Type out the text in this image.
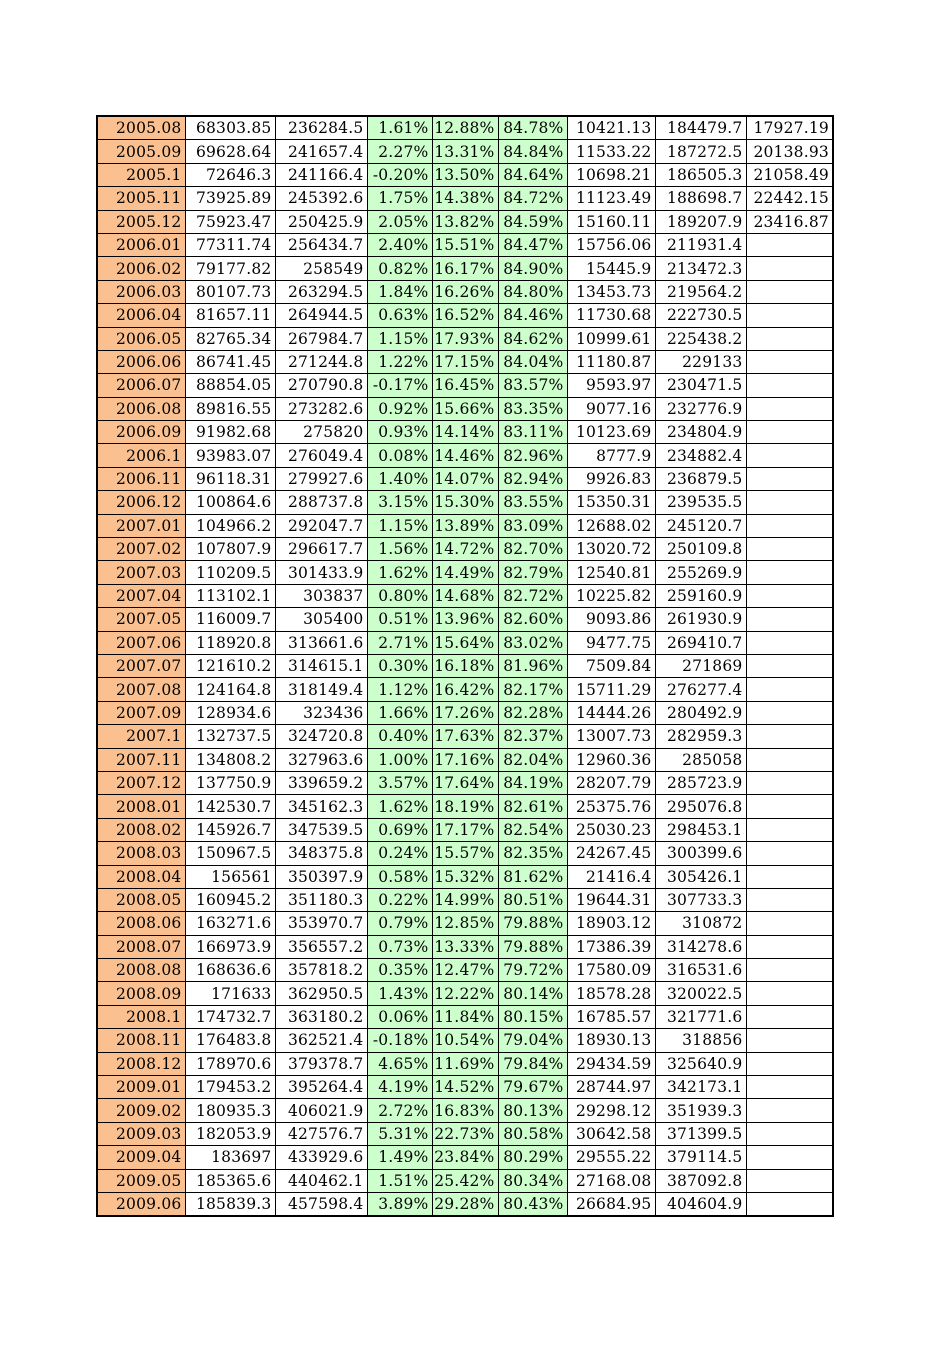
2005.08	68303.85	236284.5	1.61%	12.88%	84.78%	10421.13	184479.7	17927.19
2005.09	69628.64	241657.4	2.27%	13.31%	84.84%	11533.22	187272.5	20138.93
2005.1	72646.3	241166.4	-0.20%	13.50%	84.64%	10698.21	186505.3	21058.49
2005.11	73925.89	245392.6	1.75%	14.38%	84.72%	11123.49	188698.7	22442.15
2005.12	75923.47	250425.9	2.05%	13.82%	84.59%	15160.11	189207.9	23416.87
2006.01	77311.74	256434.7	2.40%	15.51%	84.47%	15756.06	211931.4	
2006.02	79177.82	258549	0.82%	16.17%	84.90%	15445.9	213472.3	
2006.03	80107.73	263294.5	1.84%	16.26%	84.80%	13453.73	219564.2	
2006.04	81657.11	264944.5	0.63%	16.52%	84.46%	11730.68	222730.5	
2006.05	82765.34	267984.7	1.15%	17.93%	84.62%	10999.61	225438.2	
2006.06	86741.45	271244.8	1.22%	17.15%	84.04%	11180.87	229133	
2006.07	88854.05	270790.8	-0.17%	16.45%	83.57%	9593.97	230471.5	
2006.08	89816.55	273282.6	0.92%	15.66%	83.35%	9077.16	232776.9	
2006.09	91982.68	275820	0.93%	14.14%	83.11%	10123.69	234804.9	
2006.1	93983.07	276049.4	0.08%	14.46%	82.96%	8777.9	234882.4	
2006.11	96118.31	279927.6	1.40%	14.07%	82.94%	9926.83	236879.5	
2006.12	100864.6	288737.8	3.15%	15.30%	83.55%	15350.31	239535.5	
2007.01	104966.2	292047.7	1.15%	13.89%	83.09%	12688.02	245120.7	
2007.02	107807.9	296617.7	1.56%	14.72%	82.70%	13020.72	250109.8	
2007.03	110209.5	301433.9	1.62%	14.49%	82.79%	12540.81	255269.9	
2007.04	113102.1	303837	0.80%	14.68%	82.72%	10225.82	259160.9	
2007.05	116009.7	305400	0.51%	13.96%	82.60%	9093.86	261930.9	
2007.06	118920.8	313661.6	2.71%	15.64%	83.02%	9477.75	269410.7	
2007.07	121610.2	314615.1	0.30%	16.18%	81.96%	7509.84	271869	
2007.08	124164.8	318149.4	1.12%	16.42%	82.17%	15711.29	276277.4	
2007.09	128934.6	323436	1.66%	17.26%	82.28%	14444.26	280492.9	
2007.1	132737.5	324720.8	0.40%	17.63%	82.37%	13007.73	282959.3	
2007.11	134808.2	327963.6	1.00%	17.16%	82.04%	12960.36	285058	
2007.12	137750.9	339659.2	3.57%	17.64%	84.19%	28207.79	285723.9	
2008.01	142530.7	345162.3	1.62%	18.19%	82.61%	25375.76	295076.8	
2008.02	145926.7	347539.5	0.69%	17.17%	82.54%	25030.23	298453.1	
2008.03	150967.5	348375.8	0.24%	15.57%	82.35%	24267.45	300399.6	
2008.04	156561	350397.9	0.58%	15.32%	81.62%	21416.4	305426.1	
2008.05	160945.2	351180.3	0.22%	14.99%	80.51%	19644.31	307733.3	
2008.06	163271.6	353970.7	0.79%	12.85%	79.88%	18903.12	310872	
2008.07	166973.9	356557.2	0.73%	13.33%	79.88%	17386.39	314278.6	
2008.08	168636.6	357818.2	0.35%	12.47%	79.72%	17580.09	316531.6	
2008.09	171633	362950.5	1.43%	12.22%	80.14%	18578.28	320022.5	
2008.1	174732.7	363180.2	0.06%	11.84%	80.15%	16785.57	321771.6	
2008.11	176483.8	362521.4	-0.18%	10.54%	79.04%	18930.13	318856	
2008.12	178970.6	379378.7	4.65%	11.69%	79.84%	29434.59	325640.9	
2009.01	179453.2	395264.4	4.19%	14.52%	79.67%	28744.97	342173.1	
2009.02	180935.3	406021.9	2.72%	16.83%	80.13%	29298.12	351939.3	
2009.03	182053.9	427576.7	5.31%	22.73%	80.58%	30642.58	371399.5	
2009.04	183697	433929.6	1.49%	23.84%	80.29%	29555.22	379114.5	
2009.05	185365.6	440462.1	1.51%	25.42%	80.34%	27168.08	387092.8	
2009.06	185839.3	457598.4	3.89%	29.28%	80.43%	26684.95	404604.9	
